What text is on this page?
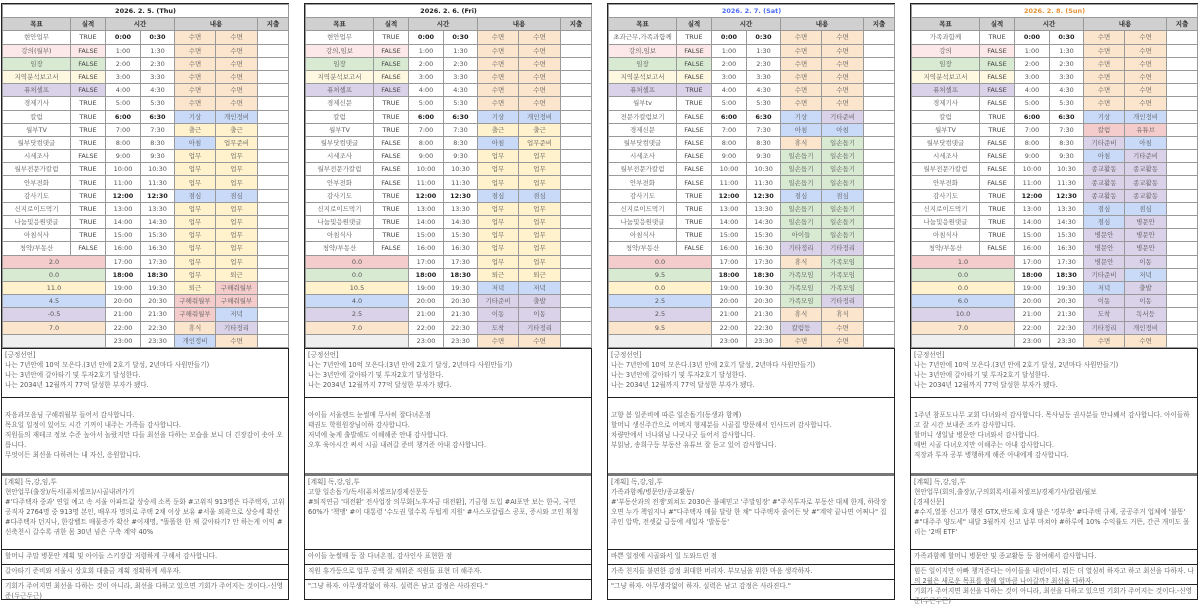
2026. 2. 5. (Thu)						
목표	실적	시간		내용		지출
현안업무	TRUE	0:00	0:30	수면	수면	
강의(월부)	FALSE	1:00	1:30	수면	수면	
임장	FALSE	2:00	2:30	수면	수면	
지역분석보고서	FALSE	3:00	3:30	수면	수면	
퓨처셀프	FALSE	4:00	4:30	수면	수면	
경제기사	TRUE	5:00	5:30	수면	수면	
칼럼	TRUE	6:00	6:30	기상	개인정비	
월부TV	TRUE	7:00	7:30	출근	출근	
월부닷컴댓글	TRUE	8:00	8:30	아침	업무준비	
시세조사	FALSE	9:00	9:30	업무	업무	
월부전문가칼럼	TRUE	10:00	10:30	업무	업무	
안부전화	TRUE	11:00	11:30	업무	업무	
감사기도	TRUE	12:00	12:30	점심	점심	
신지로이드먹기	TRUE	13:00	13:30	업무	업무	
나눔및응원댓글	TRUE	14:00	14:30	업무	업무	
아침식사	TRUE	15:00	15:30	업무	업무	
청약/부동산	FALSE	16:00	16:30	업무	업무	
2.0		17:00	17:30	업무	업무	
0.0		18:00	18:30	업무	퇴근	
11.0		19:00	19:30	퇴근	구해줘월부	
4.5		20:00	20:30	구해줘월부	구해줘월부	
-0.5		21:00	21:30	구해줘월부	저녁	
7.0		22:00	22:30	휴식	기타정리	
		23:00	23:30	개인정비	수면	
[긍정선언]
나는 7년안에 10억 모은다.(3년 안에 2호기 달성, 2년마다 사원만들기)
나는 3년안에 갈아타기 및 투자2호기 달성한다.
나는 2034년 12월까지 77억 달성한 부자가 됐다.
자음과모음님 구해줘월부 들어서 감사합니다.
목요일 일정이 있어도 시간 기꺼이 내주는 가족들 감사합니다.
직원들의 재테크 정보 수준 높아서 놀랐지만 다들 최선을 다하는 모습을 보니 더 긴장감이 솟아 오릅니다.
무엇이든 최선을 다하려는 내 자신, 응원합니다.
[계획] 독,강,임,투
현안업무(출장)/독서(퓨처셀프)/시골내려가기
#'다주택자 중과' 연일 예고 속 서울 아파트값 상승세 소폭 둔화 #고위직 913명은 다주택자, 고위 공직자 2764명 중 913명 본인, 배우자 명의로 주택 2채 이상 보유 #서울 외곽으로 상승세 확산 #다주택자 던지나, 한강벨트 매물증가 확산 #이재명, "똘똘한 한 채 갈아타기? 안 하는게 이익 #신축천시 갈수록 귀한 몸 30년 넘은 구축 계약 40%
할머니 주말 병문안 계획 및 아이들 스키장갑 저렴하게 구해서 감사합니다.
갈아타기 준비와 서울시 상호회 대출금 계획 정확하게 세우자.
기회가 주어지면 최선을 다하는 것이 아니라, 최선을 다하고 있으면 기회가 주어지는 것이다.-신영준(두근두근)
2026. 2. 6. (Fri)						
목표	실적	시간		내용		지출
현안업무	TRUE	0:00	0:30	수면	수면	
강의,임보	FALSE	1:00	1:30	수면	수면	
임장	FALSE	2:00	2:30	수면	수면	
지역분석보고서	FALSE	3:00	3:30	수면	수면	
퓨처셀프	FALSE	4:00	4:30	수면	수면	
경제신문	TRUE	5:00	5:30	수면	수면	
칼럼	TRUE	6:00	6:30	기상	개인정비	
월부TV	TRUE	7:00	7:30	출근	출근	
월부닷컴댓글	FALSE	8:00	8:30	아침	업무준비	
시세조사	FALSE	9:00	9:30	업무	업무	
월부전문가칼럼	FALSE	10:00	10:30	업무	업무	
안부전화	FALSE	11:00	11:30	업무	업무	
감사기도	TRUE	12:00	12:30	점심	점심	
신지로이드먹기	TRUE	13:00	13:30	업무	업무	
나눔및응원댓글	TRUE	14:00	14:30	업무	업무	
아침식사	TRUE	15:00	15:30	업무	업무	
청약/부동산	FALSE	16:00	16:30	업무	업무	
0.0		17:00	17:30	업무	업무	
0.0		18:00	18:30	퇴근	퇴근	
10.5		19:00	19:30	저녁	저녁	
4.0		20:00	20:30	기타준비	출발	
2.5		21:00	21:30	이동	이동	
7.0		22:00	22:30	도착	기타정리	
		23:00	23:30	수면	수면	
[긍정선언]
나는 7년안에 10억 모은다.(3년 안에 2호기 달성, 2년마다 사원만들기)
나는 3년안에 갈아타기 및 투자2호기 달성한다.
나는 2034년 12월까지 77억 달성한 부자가 됐다.
아이들 서울랜드 눈썰매 무사히 잘다녀온점
태권도 학원원장님이하 감사합니다.
저녁에 늦게 출발해도 이해해준 안내 감사합니다.
오후 육아시간 써서 시골 내려갈 준비 챙겨준 아내 감사합니다.
[계획] 독,강,임,투
고향 일손돕기/독서(퓨처셀프)/경제신문등
#퇴직연금 '대전환' 전사업장 의무화[노후자금 대전환], 기금형 도입 #AI포만 보는 한국, 국민 60%가 '책맹' #이 대통령 '수도권 멀수록 두텁게 지원' #사스포칼립스 공포, 증시와 코인 휘청
아이들 눈썰매 등 잘 다녀온점, 감사인사 표현한 점
직원 휴가등으로 업무 공백 잘 채워준 직원들 표현 더 해주자.
"그냥 하자. 아무생각없이 하자. 실력은 남고 감정은 사라진다."
2026. 2. 7. (Sat)						
목표	실적	시간		내용		지출
초과근무,가족과함께	TRUE	0:00	0:30	수면	수면	
강의,임보	FALSE	1:00	1:30	수면	수면	
임장	FALSE	2:00	2:30	수면	수면	
지역분석보고서	FALSE	3:00	3:30	수면	수면	
퓨처셀프	TRUE	4:00	4:30	수면	수면	
월부tv	TRUE	5:00	5:30	수면	수면	
전문가칼럼보기	FALSE	6:00	6:30	기상	기타준비	
경제신문	FALSE	7:00	7:30	아침	아침	
월부닷컴댓글	FALSE	8:00	8:30	휴식	일손돕기	
시세조사	FALSE	9:00	9:30	일손돕기	일손돕기	
월부전문가칼럼	FALSE	10:00	10:30	일손돕기	일손돕기	
안부전화	FALSE	11:00	11:30	일손돕기	일손돕기	
감사기도	TRUE	12:00	12:30	점심	점심	
신지로이드먹기	TRUE	13:00	13:30	일손돕기	일손돕기	
나눔및응원댓글	TRUE	14:00	14:30	일손돕기	일손돕기	
아침식사	TRUE	15:00	15:30	아이들	일손돕기	
청약/부동산	FALSE	16:00	16:30	기타정리	기타정리	
0.0		17:00	17:30	휴식	가족모임	
9.5		18:00	18:30	가족모임	가족모임	
0.0		19:00	19:30	가족모임	가족모임	
2.5		20:00	20:30	가족모임	기타정리	
2.5		21:00	21:30	휴식	휴식	
9.5		22:00	22:30	칼럼등	수면	
		23:00	23:30	수면	수면	
[긍정선언]
나는 7년안에 10억 모은다.(3년 안에 2호기 달성, 2년마다 사원만들기)
나는 3년안에 갈아타기 및 투자2호기 달성한다.
나는 2034년 12월까지 77억 달성한 부자가 됐다.
고향 봄 일준비에 따른 일손돕기(동생과 함께)
할머니 생신주간으로 어버지 형제분들 시골집 방문해서 인사드려 감사합니다.
차량안에서 너나위님 나굿나굿 들어서 감사합니다.
부읽남, 송희구등 부동산 유튜브 잘 듣고 있어 감사합니다.
[계획] 독,강,임,투
가족과함께/병문안/종교활동/
#'부동산과의 전쟁'외쳐도 2030은 불패믿고 '주말임장' #"주식투자로 부동산 대체 한계, 하락장 오면 누가 책임지나 #"다주택자 매물 달랑 한 채" 다주택자 줄어든 탓 #"계약 끝나면 어쩌나" 집주인 압박, 전셋값 급등에 세입자 '발동동'
바쁜 일정에 시골와서 일 도와드린 점
가족 친지들 불편한 감정 최대한 버리자. 부모님을 위한 마음 생각하자.
"그냥 하자. 아무생각없이 하자. 실력은 남고 감정은 사라진다."
2026. 2. 8. (Sun)						
목표	실적	시간		내용		지출
가족과함께	TRUE	0:00	0:30	수면	수면	
강의	FALSE	1:00	1:30	수면	수면	
임장	FALSE	2:00	2:30	수면	수면	
지역분석보고서	FALSE	3:00	3:30	수면	수면	
퓨처셀프	FALSE	4:00	4:30	수면	수면	
경제기사	FALSE	5:00	5:30	수면	수면	
칼럼	TRUE	6:00	6:30	기상	개인정비	
월부TV	TRUE	7:00	7:30	칼럼	유튜브	
월부닷컴댓글	FALSE	8:00	8:30	기타준비	아침	
시세조사	FALSE	9:00	9:30	아침	기타준비	
월부전문가칼럼	FALSE	10:00	10:30	종교활동	종교활동	
안부전화	FALSE	11:00	11:30	종교활동	종교활동	
감사기도	TRUE	12:00	12:30	종교활동	종교활동	
신지로이드먹기	TRUE	13:00	13:30	점심	점심	
나눔및응원댓글	TRUE	14:00	14:30	점심	병문안	
아침식사	TRUE	15:00	15:30	병문안	병문안	
청약/부동산	FALSE	16:00	16:30	병문안	병문안	
1.0		17:00	17:30	병문안	이동	
0.0		18:00	18:30	기타준비	저녁	
0.0		19:00	19:30	저녁	출발	
6.0		20:00	20:30	이동	이동	
10.0		21:00	21:30	도착	독서등	
7.0		22:00	22:30	기타정리	개인정비	
		23:00	23:30	수면	수면	
[긍정선언]
나는 7년안에 10억 모은다.(3년 안에 2호기 달성, 2년마다 사원만들기)
나는 3년안에 갈아타기 및 투자2호기 달성한다.
나는 2034년 12월까지 77억 달성한 부자가 됐다.
1주년 참포도나무 교회 다녀와서 감사합니다. 목사님등 권사분들 만나봬서 감사합니다. 아이들하고 잘 시간 보내준 조카 감사합니다.
할머니 생일날 병문안 다녀와서 감사합니다.
매번 시골 다녀오지만 이해주는 아내 감사합니다.
직장과 투자 공부 병행하게 해준 아내에게 감사합니다.
[계획] 독,강,임,투
현안업무(회의,출장)/,구의회록서(퓨처셀프)/경제기사/칼럼/월보
[경제신문]
#수지,열풍 신고가 행진 GTX,반도체 호재 많은 '경부축' #다주택 규제, 공공주거 업체에 '불똥' #"대주주 양도세" 내달 3월까지 신고 납부 마쳐야 #하루에 10% 수익률도 거뜬, 간큰 개미도 몰리는 '2배 ETF'
가족과함께 할머니 병문안 및 종교활동 등 참여해서 감사합니다.
힘든 일이지만 아빠 챙겨준다는 아이들을 내린이다. 뭐든 더 열심히 하자고 하고 최선을 다하자. 나의 2월은 새로운 목표를 향해 얼마큼 나아갈까? 최선을 다하자.
기회가 주어지면 최선을 다하는 것이 아니라, 최선을 다하고 있으면 기회가 주어지는 것이다.-신영준(두근두근)
